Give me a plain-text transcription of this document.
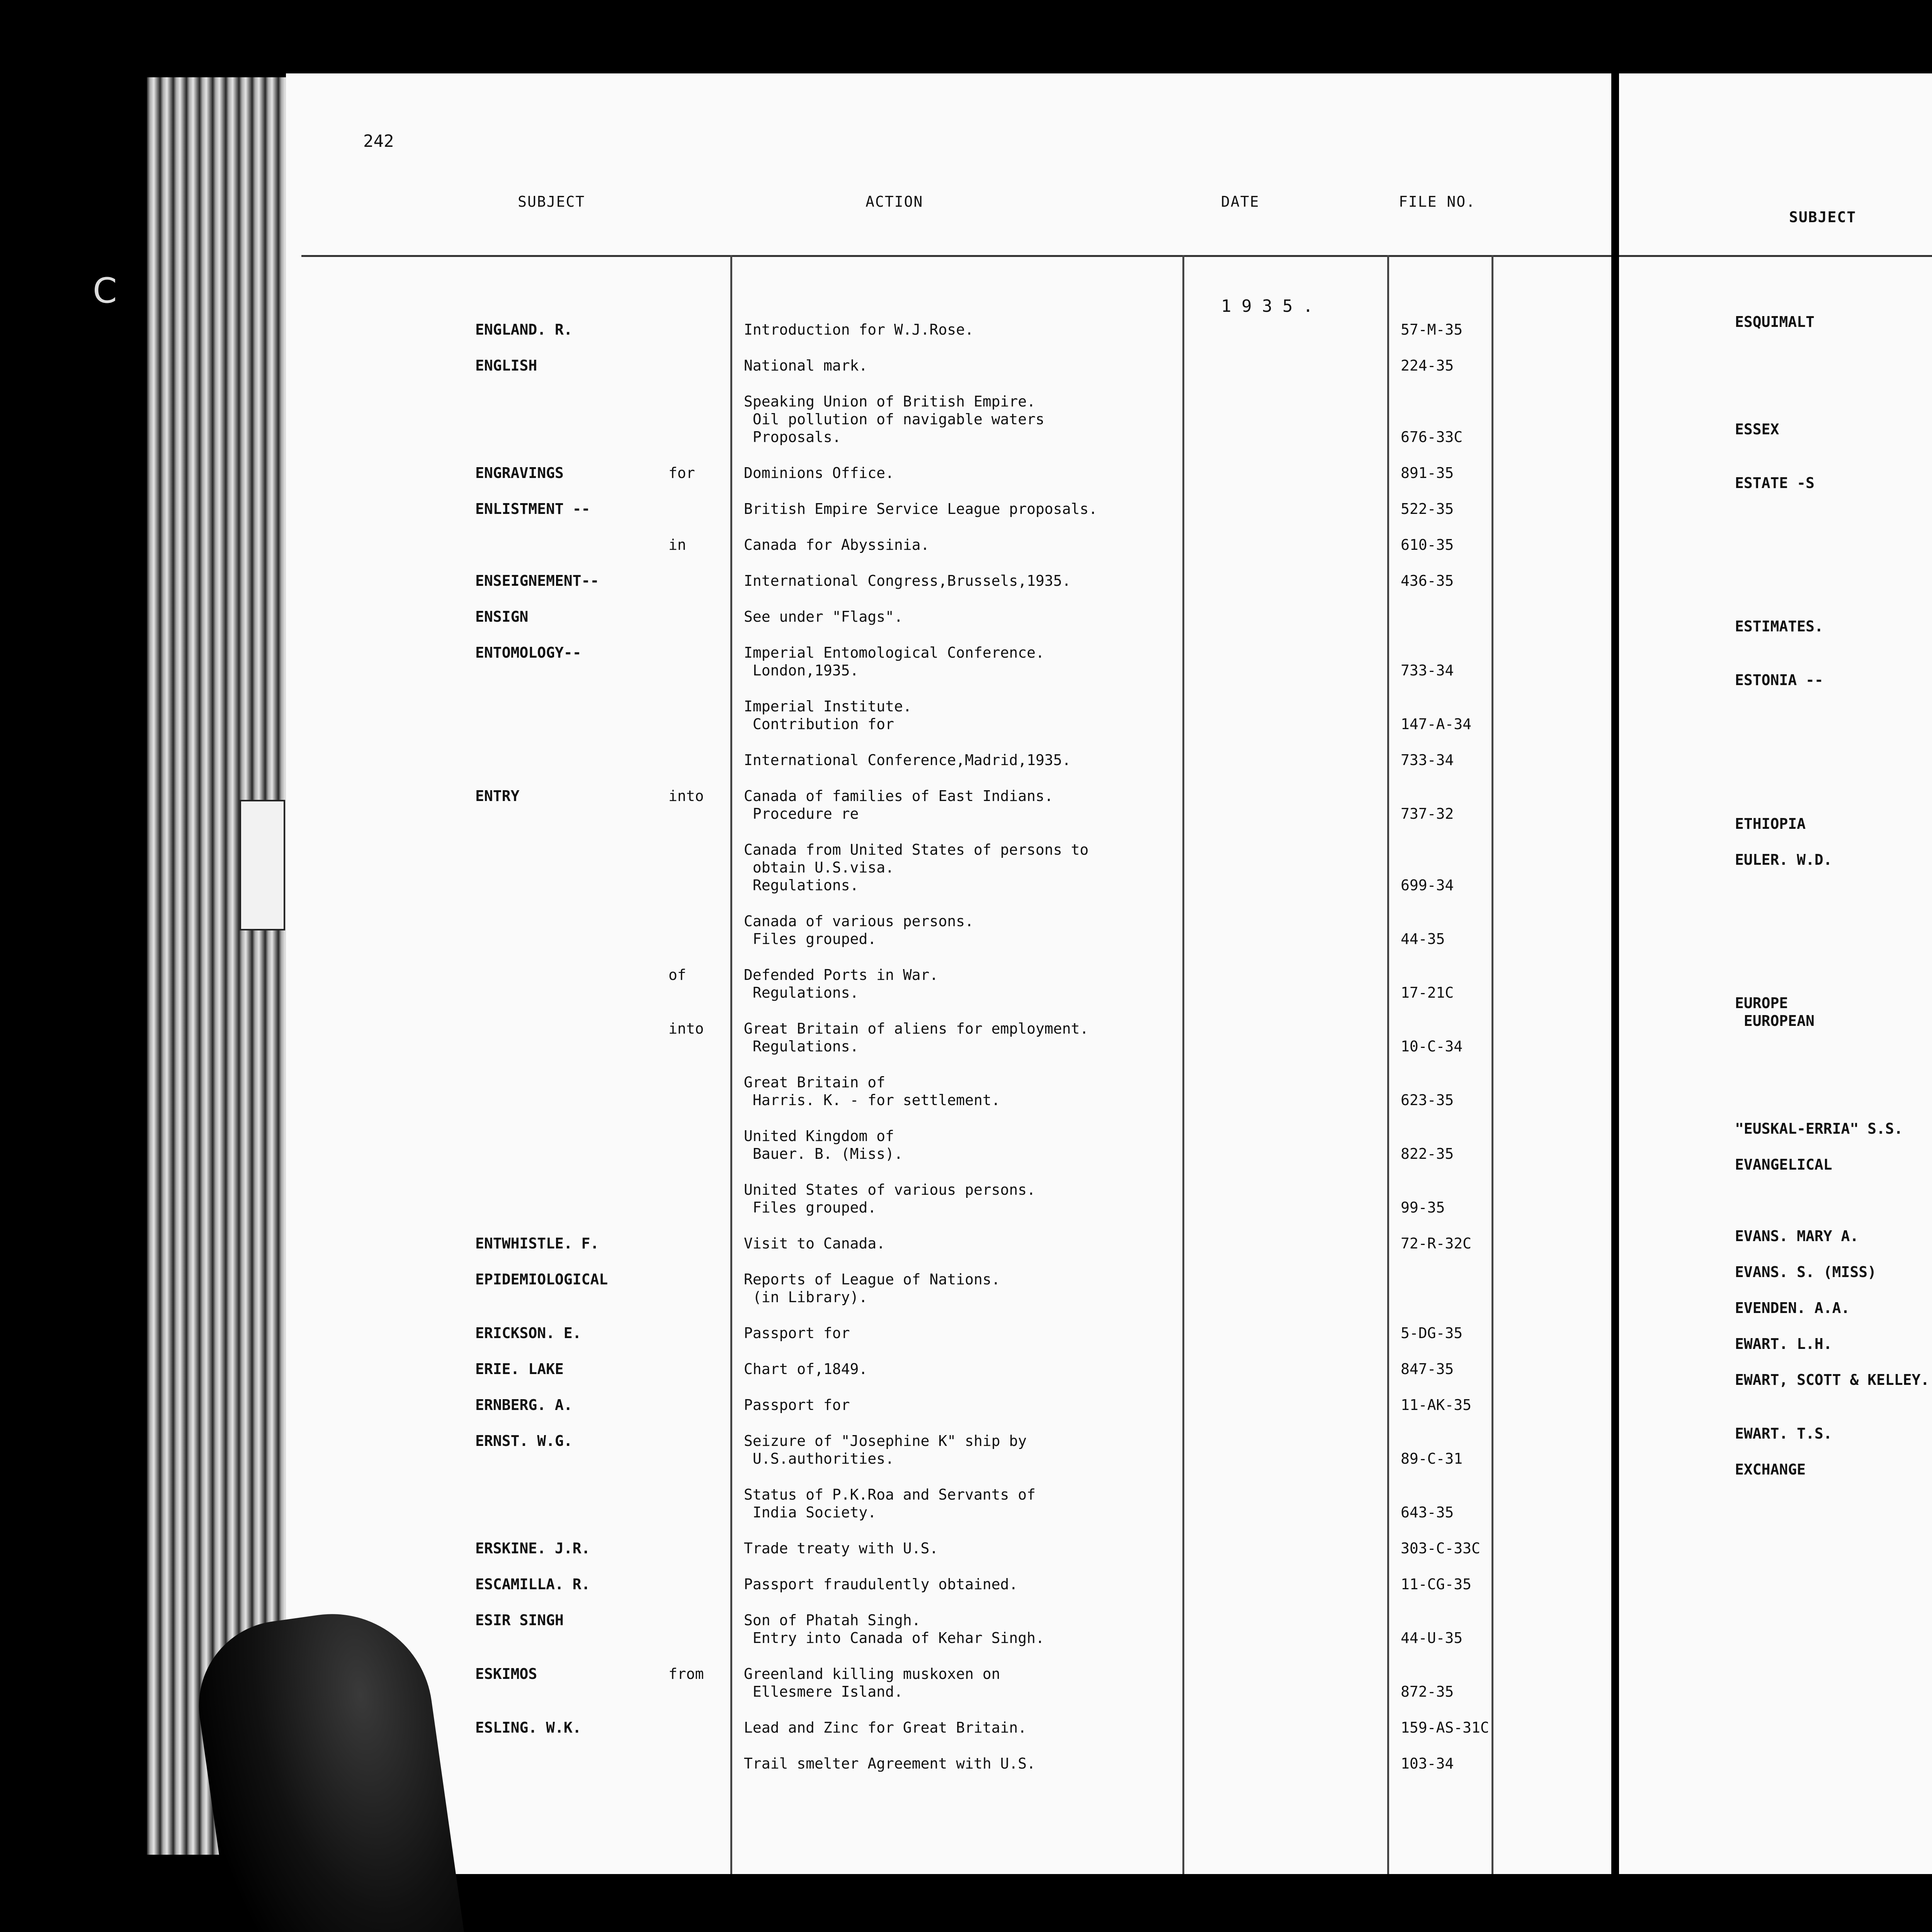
ꓚ
242
SUBJECT	ACTION	DATE	FILE NO.
1 9 3 5 .
ENGLAND. R.	Introduction for W.J.Rose.	57-M-35
ENGLISH	National mark.	224-35
Speaking Union of British Empire.
Oil pollution of navigable waters
Proposals.	676-33C
ENGRAVINGS	for	Dominions Office.	891-35
ENLISTMENT --	British Empire Service League proposals.	522-35
in	Canada for Abyssinia.	610-35
ENSEIGNEMENT--	International Congress,Brussels,1935.	436-35
ENSIGN	See under "Flags".
ENTOMOLOGY--	Imperial Entomological Conference.
London,1935.	733-34
Imperial Institute.
Contribution for	147-A-34
International Conference,Madrid,1935.	733-34
ENTRY	into	Canada of families of East Indians.
Procedure re	737-32
Canada from United States of persons to
obtain U.S.visa.
Regulations.	699-34
Canada of various persons.
Files grouped.	44-35
of	Defended Ports in War.
Regulations.	17-21C
into	Great Britain of aliens for employment.
Regulations.	10-C-34
Great Britain of
Harris. K. - for settlement.	623-35
United Kingdom of
Bauer. B. (Miss).	822-35
United States of various persons.
Files grouped.	99-35
ENTWHISTLE. F.	Visit to Canada.	72-R-32C
EPIDEMIOLOGICAL	Reports of League of Nations.
(in Library).
ERICKSON. E.	Passport for	5-DG-35
ERIE. LAKE	Chart of,1849.	847-35
ERNBERG. A.	Passport for	11-AK-35
ERNST. W.G.	Seizure of "Josephine K" ship by
U.S.authorities.	89-C-31
Status of P.K.Roa and Servants of
India Society.	643-35
ERSKINE. J.R.	Trade treaty with U.S.	303-C-33C
ESCAMILLA. R.	Passport fraudulently obtained.	11-CG-35
ESIR SINGH	Son of Phatah Singh.
Entry into Canada of Kehar Singh.	44-U-35
ESKIMOS	from	Greenland killing muskoxen on
Ellesmere Island.	872-35
ESLING. W.K.	Lead and Zinc for Great Britain.	159-AS-31C
Trail smelter Agreement with U.S.	103-34
SUBJECT
ESQUIMALT
ESSEX
ESTATE -S
ESTIMATES.
ESTONIA --
ETHIOPIA
EULER. W.D.
EUROPE
EUROPEAN
"EUSKAL-ERRIA" S.S.
EVANGELICAL
EVANS. MARY A.
EVANS. S. (MISS)
EVENDEN. A.A.
EWART. L.H.
EWART, SCOTT & KELLEY.
EWART. T.S.
EXCHANGE
